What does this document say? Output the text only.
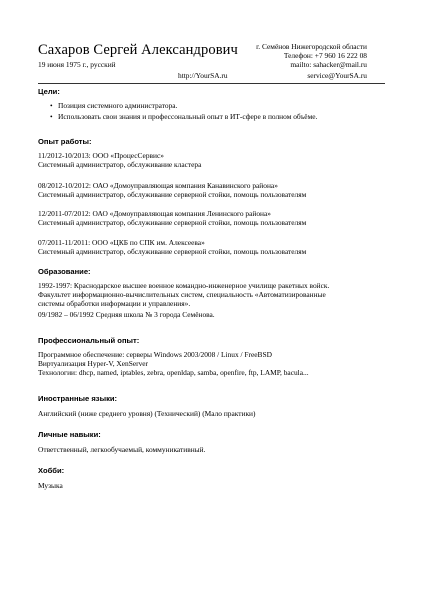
Сахаров Сергей Александрович
19 июня 1975 г., русский
http://YourSA.ru
г. Семёнов Нижегородской области
Телефон: +7 960 16 222 08
mailto: sahacker@mail.ru
service@YourSA.ru
Цели:
• Позиция системного администратора.
• Использовать свои знания и профессональный опыт в ИТ-сфере в полном объёме.
Опыт работы:
11/2012-10/2013: ООО «ПроцесСервис»
Системный администратор, обслуживание кластера
08/2012-10/2012: ОАО «Домоуправляющая компания Канавинского района»
Системный администратор, обслуживание серверной стойки, помощь пользователям
12/2011-07/2012: ОАО «Домоуправляющая компания Ленинского района»
Системный администратор, обслуживание серверной стойки, помощь пользователям
07/2011-11/2011: ООО «ЦКБ по СПК им. Алексеева»
Системный администратор, обслуживание серверной стойки, помощь пользователям
Образование:
1992-1997: Краснодарское высшее военное командно-инженерное училище ракетных войск.
Факультет информационно-вычислительных систем, специальность «Автоматизированные
системы обработки информации и управления».
09/1982 – 06/1992 Средняя школа № 3 города Семёнова.
Профессиональный опыт:
Программное обеспечение: серверы Windows 2003/2008 / Linux / FreeBSD
Виртуализация Hyper-V, XenServer
Технологии: dhcp, named, iptables, zebra, openldap, samba, openfire, ftp, LAMP, bacula...
Иностранные языки:
Английский (ниже среднего уровня) (Технический) (Мало практики)
Личные навыки:
Ответственный, легкообучаемый, коммуникативный.
Хобби:
Музыка
